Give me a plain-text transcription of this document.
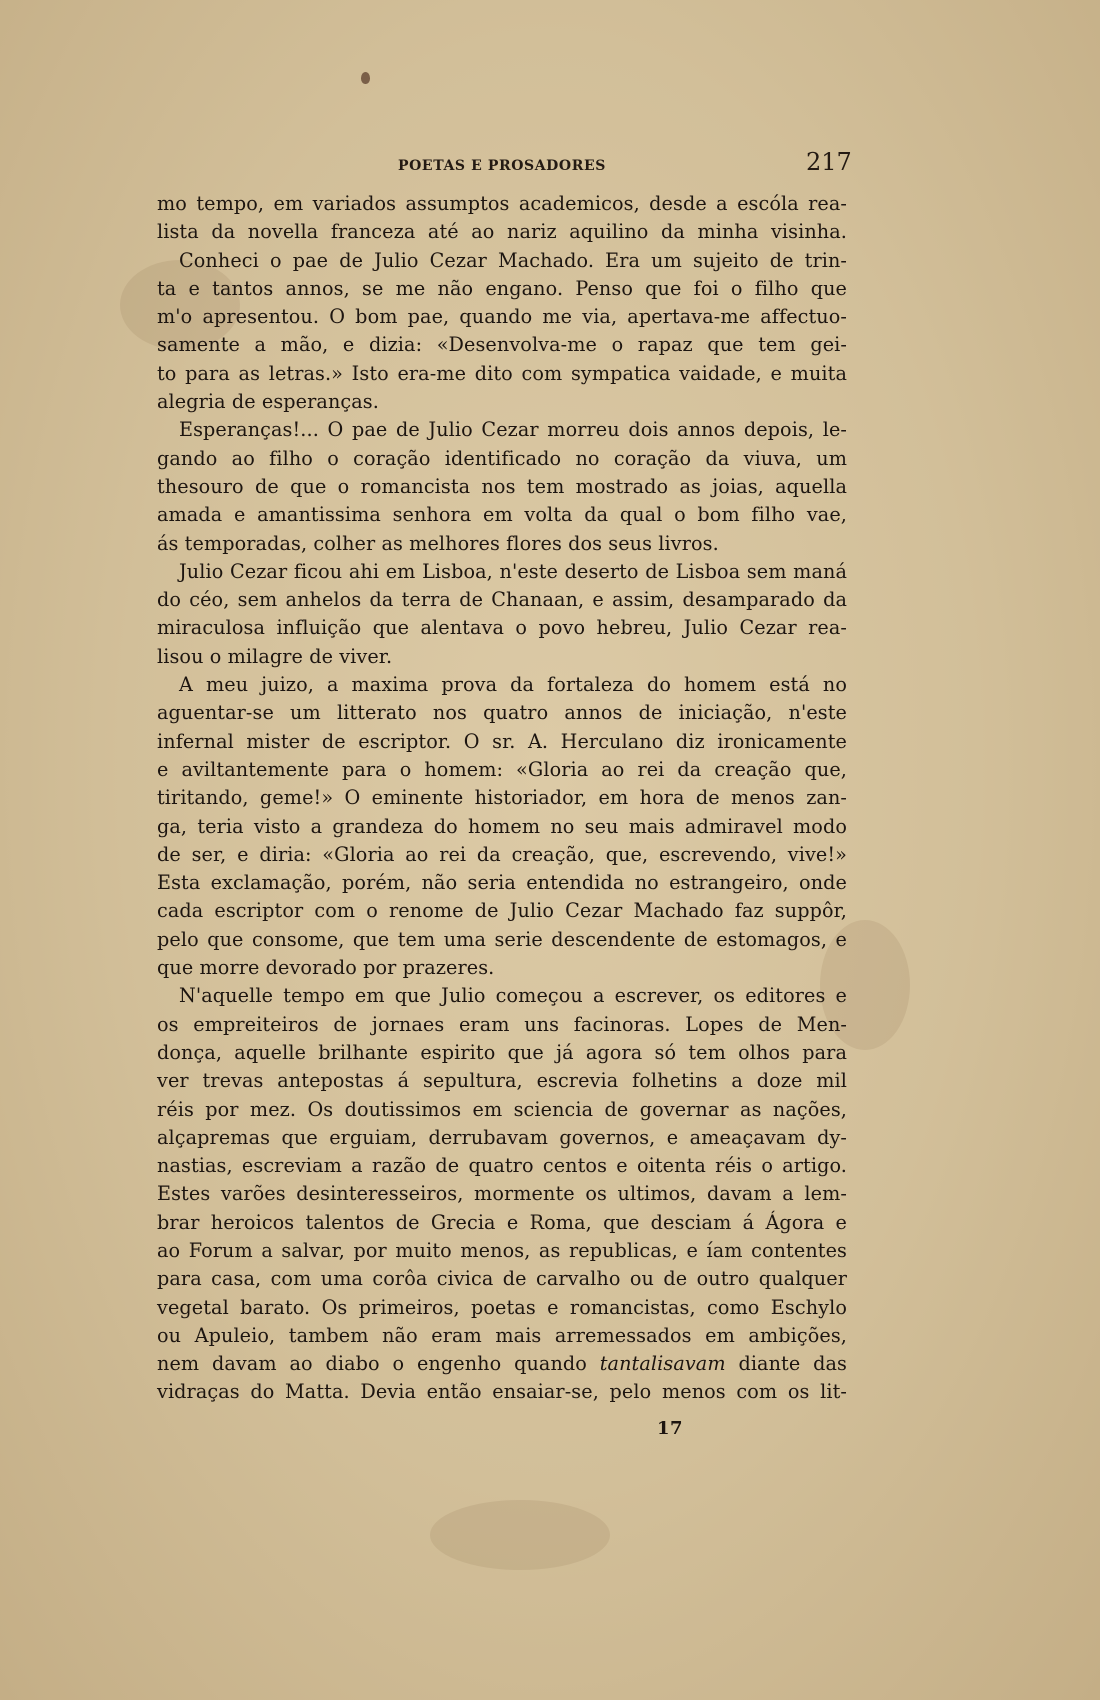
POETAS E PROSADORES	217
mo tempo, em variados assumptos academicos, desde a escóla rea-
lista da novella franceza até ao nariz aquilino da minha visinha.
Conheci o pae de Julio Cezar Machado. Era um sujeito de trin-
ta e tantos annos, se me não engano. Penso que foi o filho que
m'o apresentou. O bom pae, quando me via, apertava-me affectuo-
samente a mão, e dizia: «Desenvolva-me o rapaz que tem gei-
to para as letras.» Isto era-me dito com sympatica vaidade, e muita
alegria de esperanças.
Esperanças!... O pae de Julio Cezar morreu dois annos depois, le-
gando ao filho o coração identificado no coração da viuva, um
thesouro de que o romancista nos tem mostrado as joias, aquella
amada e amantissima senhora em volta da qual o bom filho vae,
ás temporadas, colher as melhores flores dos seus livros.
Julio Cezar ficou ahi em Lisboa, n'este deserto de Lisboa sem maná
do céo, sem anhelos da terra de Chanaan, e assim, desamparado da
miraculosa influição que alentava o povo hebreu, Julio Cezar rea-
lisou o milagre de viver.
A meu juizo, a maxima prova da fortaleza do homem está no
aguentar-se um litterato nos quatro annos de iniciação, n'este
infernal mister de escriptor. O sr. A. Herculano diz ironicamente
e aviltantemente para o homem: «Gloria ao rei da creação que,
tiritando, geme!» O eminente historiador, em hora de menos zan-
ga, teria visto a grandeza do homem no seu mais admiravel modo
de ser, e diria: «Gloria ao rei da creação, que, escrevendo, vive!»
Esta exclamação, porém, não seria entendida no estrangeiro, onde
cada escriptor com o renome de Julio Cezar Machado faz suppôr,
pelo que consome, que tem uma serie descendente de estomagos, e
que morre devorado por prazeres.
N'aquelle tempo em que Julio começou a escrever, os editores e
os empreiteiros de jornaes eram uns facinoras. Lopes de Men-
donça, aquelle brilhante espirito que já agora só tem olhos para
ver trevas antepostas á sepultura, escrevia folhetins a doze mil
réis por mez. Os doutissimos em sciencia de governar as nações,
alçapremas que erguiam, derrubavam governos, e ameaçavam dy-
nastias, escreviam a razão de quatro centos e oitenta réis o artigo.
Estes varões desinteresseiros, mormente os ultimos, davam a lem-
brar heroicos talentos de Grecia e Roma, que desciam á Ágora e
ao Forum a salvar, por muito menos, as republicas, e íam contentes
para casa, com uma corôa civica de carvalho ou de outro qualquer
vegetal barato. Os primeiros, poetas e romancistas, como Eschylo
ou Apuleio, tambem não eram mais arremessados em ambições,
nem davam ao diabo o engenho quando tantalisavam diante das
vidraças do Matta. Devia então ensaiar-se, pelo menos com os lit-
17
